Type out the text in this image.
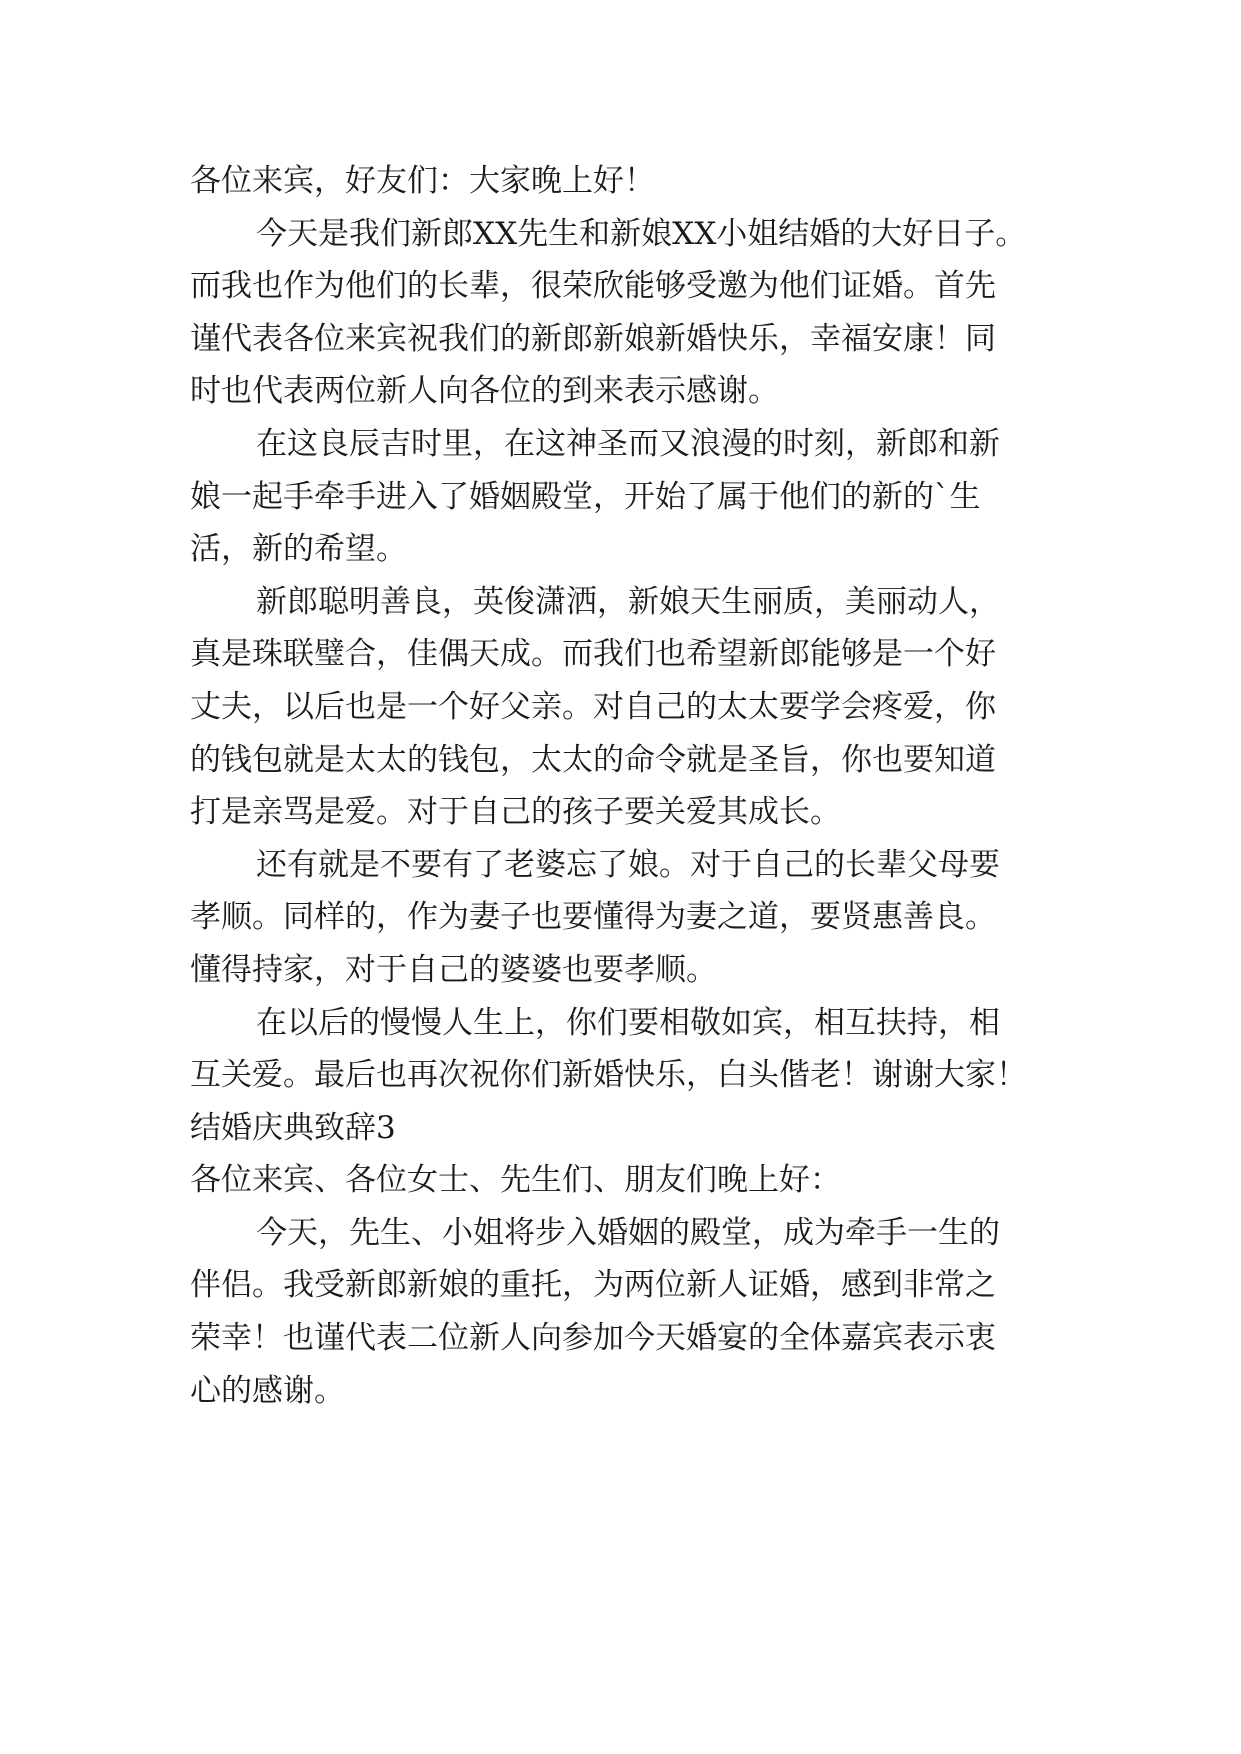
各位来宾，好友们：大家晚上好！
今天是我们新郎XX先生和新娘XX小姐结婚的大好日子。
而我也作为他们的长辈，很荣欣能够受邀为他们证婚。首先
谨代表各位来宾祝我们的新郎新娘新婚快乐，幸福安康！同
时也代表两位新人向各位的到来表示感谢。
在这良辰吉时里，在这神圣而又浪漫的时刻，新郎和新
娘一起手牵手进入了婚姻殿堂，开始了属于他们的新的`生
活，新的希望。
新郎聪明善良，英俊潇洒，新娘天生丽质，美丽动人，
真是珠联璧合，佳偶天成。而我们也希望新郎能够是一个好
丈夫，以后也是一个好父亲。对自己的太太要学会疼爱，你
的钱包就是太太的钱包，太太的命令就是圣旨，你也要知道
打是亲骂是爱。对于自己的孩子要关爱其成长。
还有就是不要有了老婆忘了娘。对于自己的长辈父母要
孝顺。同样的，作为妻子也要懂得为妻之道，要贤惠善良。
懂得持家，对于自己的婆婆也要孝顺。
在以后的慢慢人生上，你们要相敬如宾，相互扶持，相
互关爱。最后也再次祝你们新婚快乐，白头偕老！谢谢大家！
结婚庆典致辞3
各位来宾、各位女士、先生们、朋友们晚上好：
今天，先生、小姐将步入婚姻的殿堂，成为牵手一生的
伴侣。我受新郎新娘的重托，为两位新人证婚，感到非常之
荣幸！也谨代表二位新人向参加今天婚宴的全体嘉宾表示衷
心的感谢。
